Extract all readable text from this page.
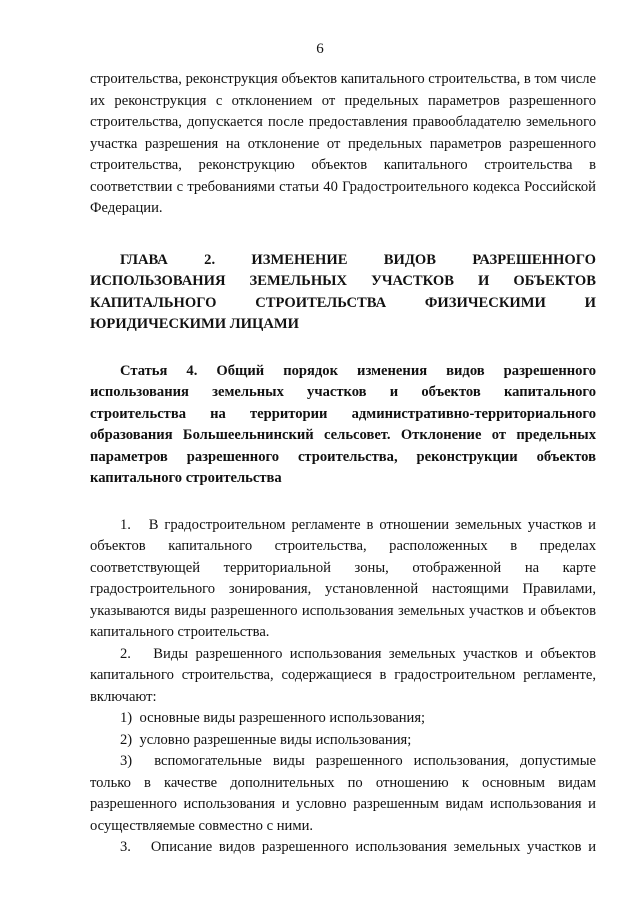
6

строительства, реконструкция объектов капитального строительства, в том числе их реконструкция с отклонением от предельных параметров разрешенного строительства, допускается после предоставления правообладателю земельного участка разрешения на отклонение от предельных параметров разрешенного строительства, реконструкцию объектов капитального строительства в соответствии с требованиями статьи 40 Градостроительного кодекса Российской Федерации.

ГЛАВА 2. ИЗМЕНЕНИЕ ВИДОВ РАЗРЕШЕННОГО ИСПОЛЬЗОВАНИЯ ЗЕМЕЛЬНЫХ УЧАСТКОВ И ОБЪЕКТОВ КАПИТАЛЬНОГО СТРОИТЕЛЬСТВА ФИЗИЧЕСКИМИ И ЮРИДИЧЕСКИМИ ЛИЦАМИ
Статья 4. Общий порядок изменения видов разрешенного использования земельных участков и объектов капитального строительства на территории административно-территориального образования Большеельнинский сельсовет. Отклонение от предельных параметров разрешенного строительства, реконструкции объектов капитального строительства

1.   В градостроительном регламенте в отношении земельных участков и объектов капитального строительства, расположенных в пределах соответствующей территориальной зоны, отображенной на карте градостроительного зонирования, установленной настоящими Правилами, указываются виды разрешенного использования земельных участков и объектов капитального строительства.

2.   Виды разрешенного использования земельных участков и объектов капитального строительства, содержащиеся в градостроительном регламенте, включают:

1)  основные виды разрешенного использования;

2)  условно разрешенные виды использования;

3)  вспомогательные виды разрешенного использования, допустимые только в качестве дополнительных по отношению к основным видам разрешенного использования и условно разрешенным видам использования и осуществляемые совместно с ними.

3.   Описание видов разрешенного использования земельных участков и
